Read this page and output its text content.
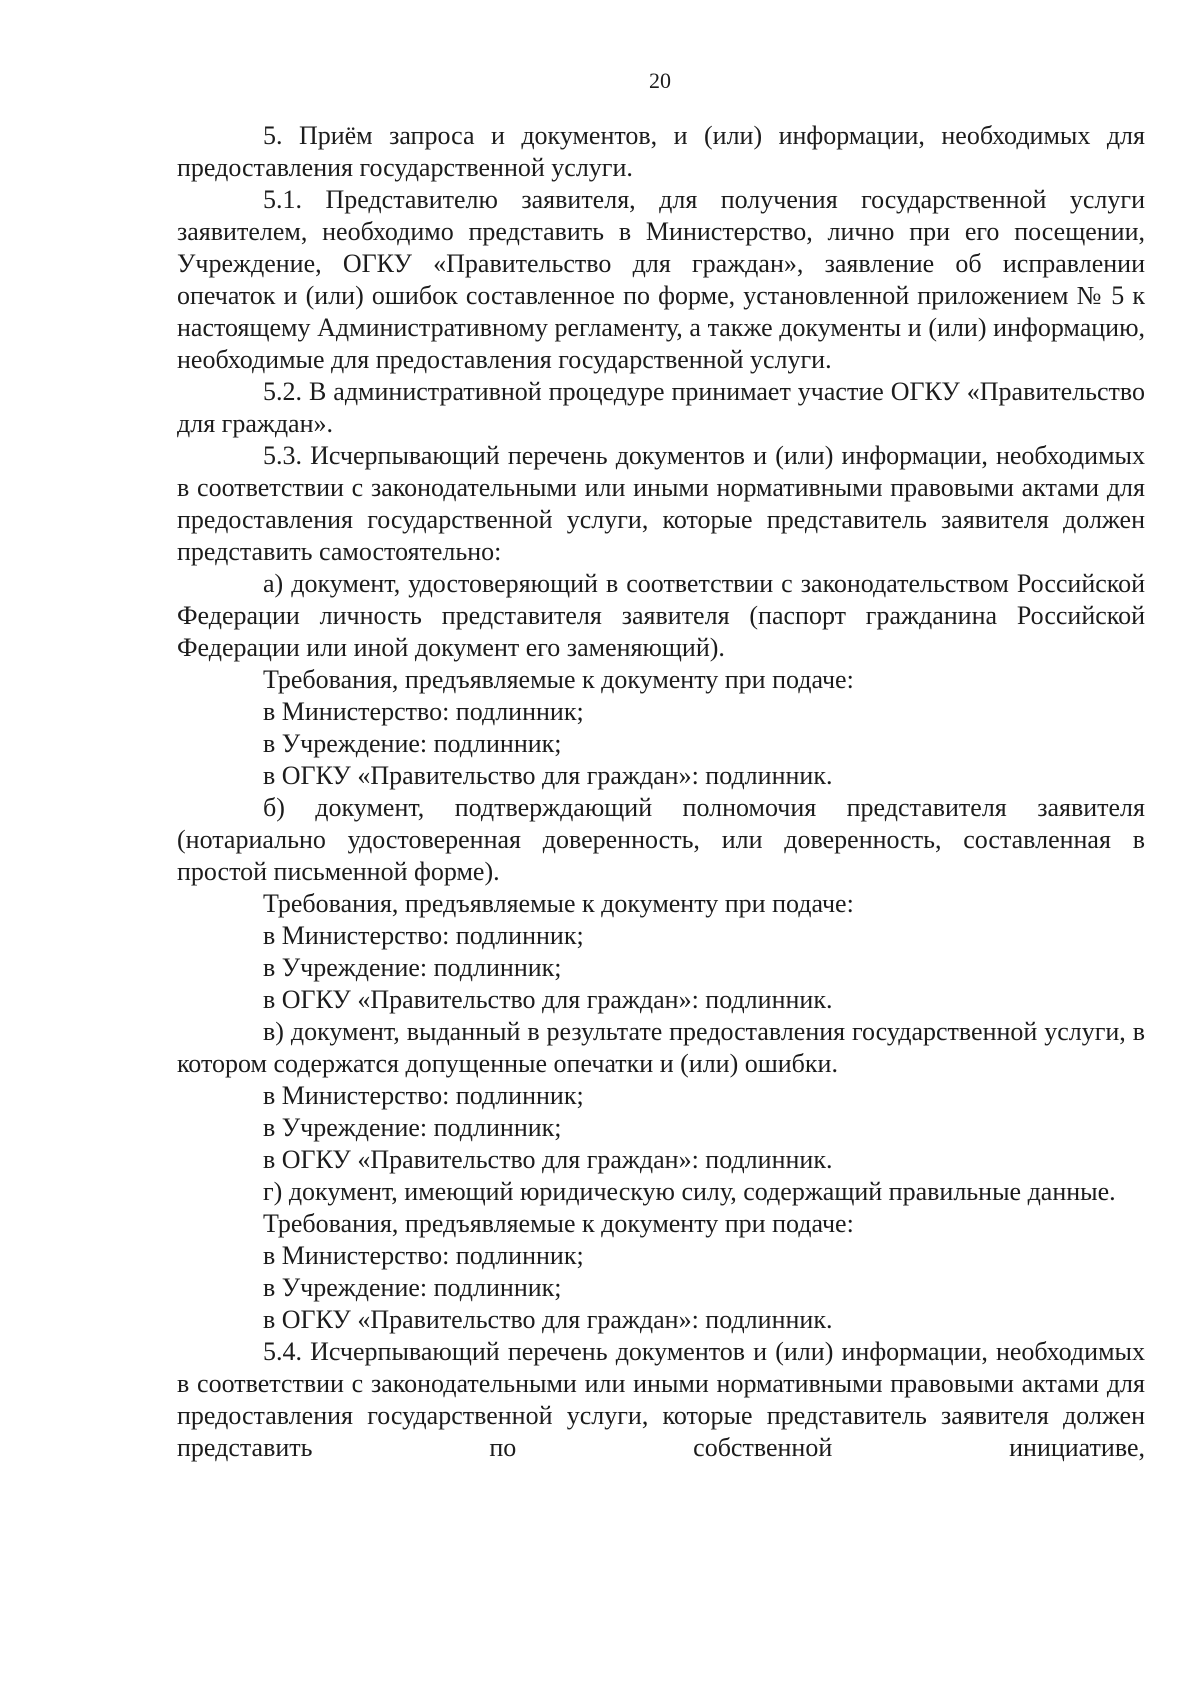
20

5. Приём запроса и документов, и (или) информации, необходимых для предоставления государственной услуги.

5.1. Представителю заявителя, для получения государственной услуги заявителем, необходимо представить в Министерство, лично при его посещении, Учреждение, ОГКУ «Правительство для граждан», заявление об исправлении опечаток и (или) ошибок составленное по форме, установленной приложением № 5 к настоящему Административному регламенту, а также документы и (или) информацию, необходимые для предоставления государственной услуги.

5.2. В административной процедуре принимает участие ОГКУ «Правительство для граждан».

5.3. Исчерпывающий перечень документов и (или) информации, необходимых в соответствии с законодательными или иными нормативными правовыми актами для предоставления государственной услуги, которые представитель заявителя должен представить самостоятельно:

а) документ, удостоверяющий в соответствии с законодательством Российской Федерации личность представителя заявителя (паспорт гражданина Российской Федерации или иной документ его заменяющий).

Требования, предъявляемые к документу при подаче:

в Министерство: подлинник;

в Учреждение: подлинник;

в ОГКУ «Правительство для граждан»: подлинник.

б) документ, подтверждающий полномочия представителя заявителя (нотариально удостоверенная доверенность, или доверенность, составленная в простой письменной форме).

Требования, предъявляемые к документу при подаче:

в Министерство: подлинник;

в Учреждение: подлинник;

в ОГКУ «Правительство для граждан»: подлинник.

в) документ, выданный в результате предоставления государственной услуги, в котором содержатся допущенные опечатки и (или) ошибки.

в Министерство: подлинник;

в Учреждение: подлинник;

в ОГКУ «Правительство для граждан»: подлинник.

г) документ, имеющий юридическую силу, содержащий правильные данные.

Требования, предъявляемые к документу при подаче:

в Министерство: подлинник;

в Учреждение: подлинник;

в ОГКУ «Правительство для граждан»: подлинник.

5.4. Исчерпывающий перечень документов и (или) информации, необходимых в соответствии с законодательными или иными нормативными правовыми актами для предоставления государственной услуги, которые представитель заявителя должен представить по собственной инициативе,
